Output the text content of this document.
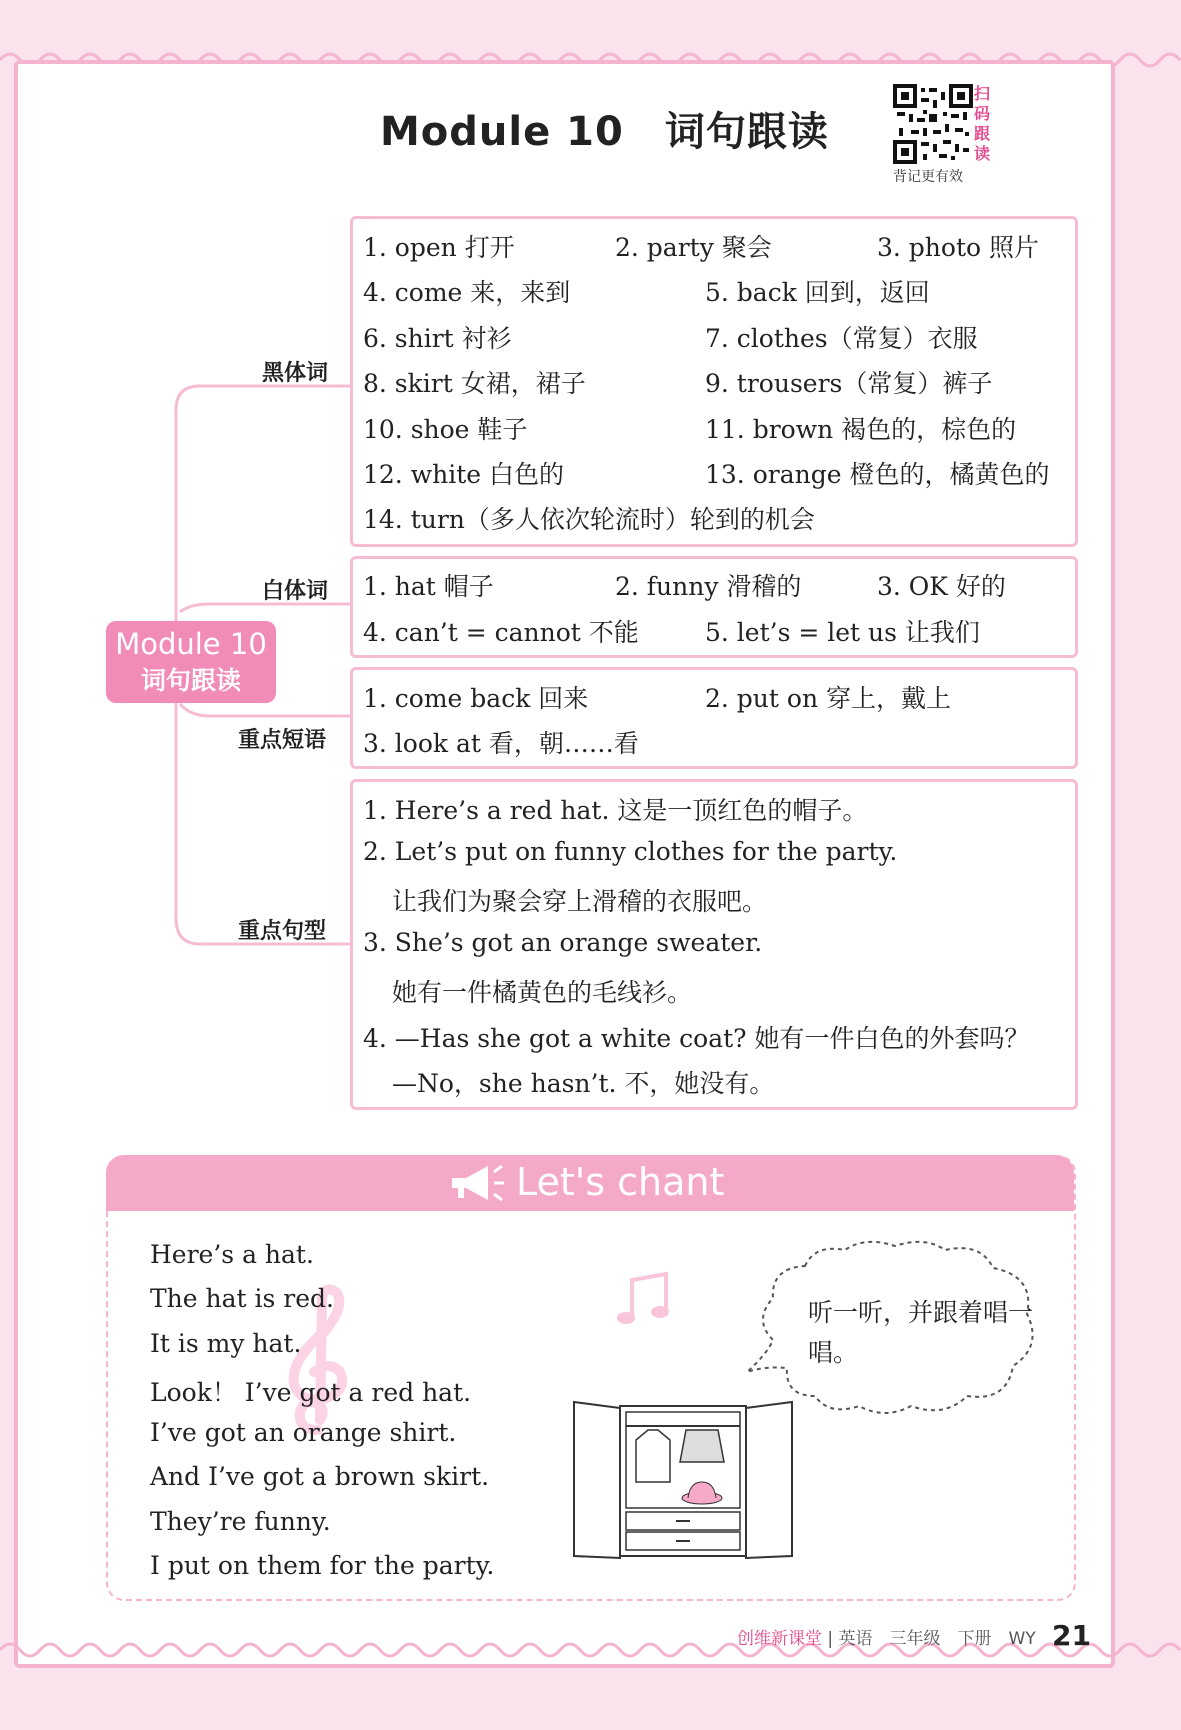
Module 10　词句跟读
扫码跟读
背记更有效
黑体词
白体词
重点短语
重点句型
Module 10
词句跟读
1. open 打开	2. party 聚会	3. photo 照片
4. come 来，来到	5. back 回到，返回
6. shirt 衬衫	7. clothes（常复）衣服
8. skirt 女裙，裙子	9. trousers（常复）裤子
10. shoe 鞋子	11. brown 褐色的，棕色的
12. white 白色的	13. orange 橙色的，橘黄色的
14. turn（多人依次轮流时）轮到的机会
1. hat 帽子	2. funny 滑稽的	3. OK 好的
4. can’t = cannot 不能	5. let’s = let us 让我们
1. come back 回来	2. put on 穿上，戴上
3. look at 看，朝……看
1. Here’s a red hat. 这是一顶红色的帽子。
2. Let’s put on funny clothes for the party.
让我们为聚会穿上滑稽的衣服吧。
3. She’s got an orange sweater.
她有一件橘黄色的毛线衫。
4. —Has she got a white coat? 她有一件白色的外套吗？
—No，she hasn’t. 不，她没有。
Let's chant
Here’s a hat.
The hat is red.
It is my hat.
Look！ I’ve got a red hat.
I’ve got an orange shirt.
And I’ve got a brown skirt.
They’re funny.
I put on them for the party.
听一听，并跟着唱一唱。
创维新课堂 | 英语　三年级　下册　WY 21
